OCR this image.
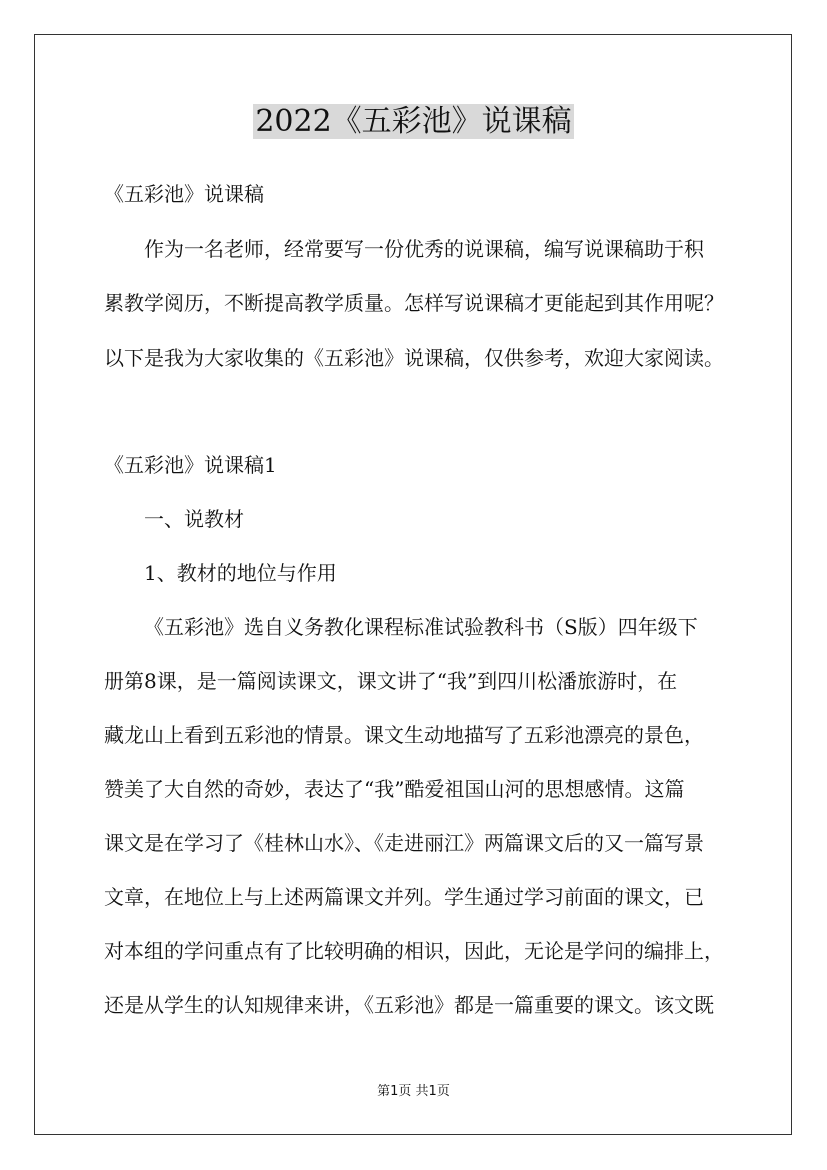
2022《五彩池》说课稿
《五彩池》说课稿
作为一名老师，经常要写一份优秀的说课稿，编写说课稿助于积
累教学阅历，不断提高教学质量。怎样写说课稿才更能起到其作用呢？
以下是我为大家收集的《五彩池》说课稿，仅供参考，欢迎大家阅读。
《五彩池》说课稿1
一、说教材
1、教材的地位与作用
《五彩池》选自义务教化课程标准试验教科书（S版）四年级下
册第8课，是一篇阅读课文，课文讲了“我”到四川松潘旅游时，在
藏龙山上看到五彩池的情景。课文生动地描写了五彩池漂亮的景色，
赞美了大自然的奇妙，表达了“我”酷爱祖国山河的思想感情。这篇
课文是在学习了《桂林山水》、《走进丽江》两篇课文后的又一篇写景
文章，在地位上与上述两篇课文并列。学生通过学习前面的课文，已
对本组的学问重点有了比较明确的相识，因此，无论是学问的编排上，
还是从学生的认知规律来讲，《五彩池》都是一篇重要的课文。该文既
第1页 共1页
